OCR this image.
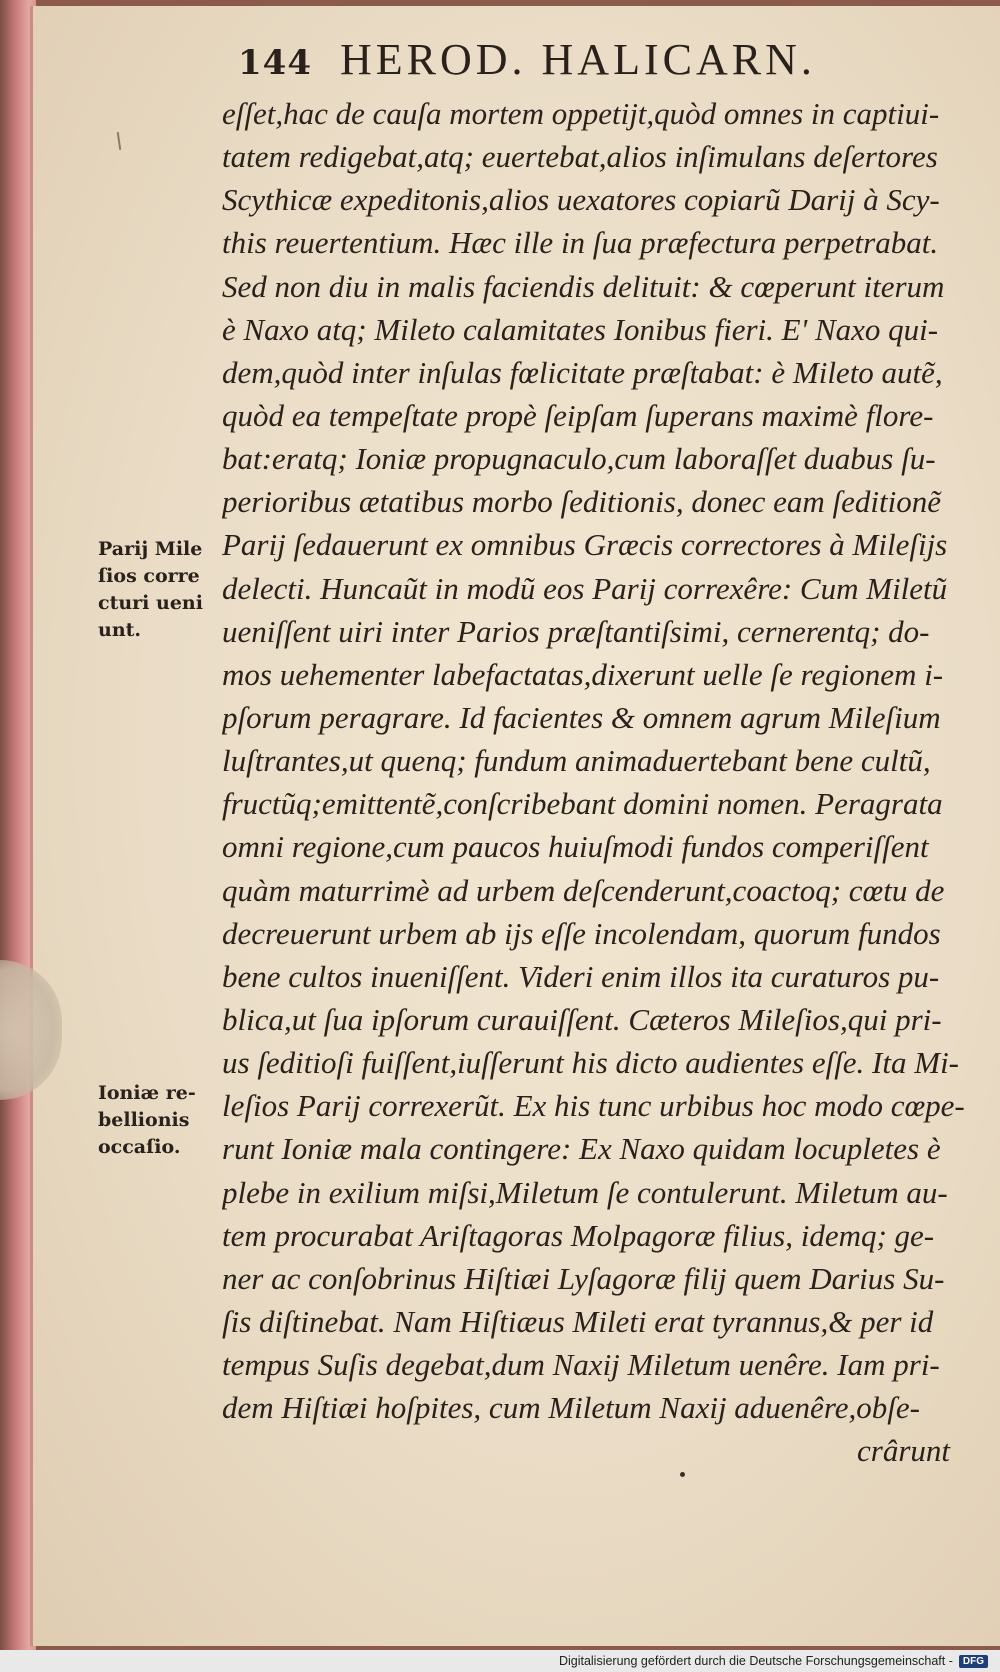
144 HEROD. HALICARN.
Parij Mile
ſios corre
cturi ueni
unt.
Ioniæ re-
bellionis
occaſio.
eſſet,hac de cauſa mortem oppetijt,quòd omnes in captiui-
tatem redigebat,atq; euertebat,alios inſimulans deſertores
Scythicæ expeditonis,alios uexatores copiarũ Darij à Scy-
this reuertentium. Hæc ille in ſua præfectura perpetrabat.
Sed non diu in malis faciendis delituit: & cœperunt iterum
è Naxo atq; Mileto calamitates Ionibus fieri. E' Naxo qui-
dem,quòd inter inſulas fœlicitate præſtabat: è Mileto autẽ,
quòd ea tempeſtate propè ſeipſam ſuperans maximè flore-
bat:eratq; Ioniæ propugnaculo,cum laboraſſet duabus ſu-
perioribus ætatibus morbo ſeditionis, donec eam ſeditionẽ
Parij ſedauerunt ex omnibus Græcis correctores à Mileſijs
delecti. Huncaũt in modũ eos Parij correxêre: Cum Miletũ
ueniſſent uiri inter Parios præſtantiſsimi, cernerentq; do-
mos uehementer labefactatas,dixerunt uelle ſe regionem i-
pſorum peragrare. Id facientes & omnem agrum Mileſium
luſtrantes,ut quenq; fundum animaduertebant bene cultũ,
fructũq;emittentẽ,conſcribebant domini nomen. Peragrata
omni regione,cum paucos huiuſmodi fundos comperiſſent
quàm maturrimè ad urbem deſcenderunt,coactoq; cœtu de
decreuerunt urbem ab ijs eſſe incolendam, quorum fundos
bene cultos inueniſſent. Videri enim illos ita curaturos pu-
blica,ut ſua ipſorum curauiſſent. Cæteros Mileſios,qui pri-
us ſeditioſi fuiſſent,iuſſerunt his dicto audientes eſſe. Ita Mi-
leſios Parij correxerũt. Ex his tunc urbibus hoc modo cœpe-
runt Ioniæ mala contingere: Ex Naxo quidam locupletes è
plebe in exilium miſsi,Miletum ſe contulerunt. Miletum au-
tem procurabat Ariſtagoras Molpagoræ filius, idemq; ge-
ner ac conſobrinus Hiſtiæi Lyſagoræ filij quem Darius Su-
ſis diſtinebat. Nam Hiſtiæus Mileti erat tyrannus,& per id
tempus Suſis degebat,dum Naxij Miletum uenêre. Iam pri-
dem Hiſtiæi hoſpites, cum Miletum Naxij aduenêre,obſe-
crârunt
Digitalisierung gefördert durch die Deutsche Forschungsgemeinschaft -	DFG
